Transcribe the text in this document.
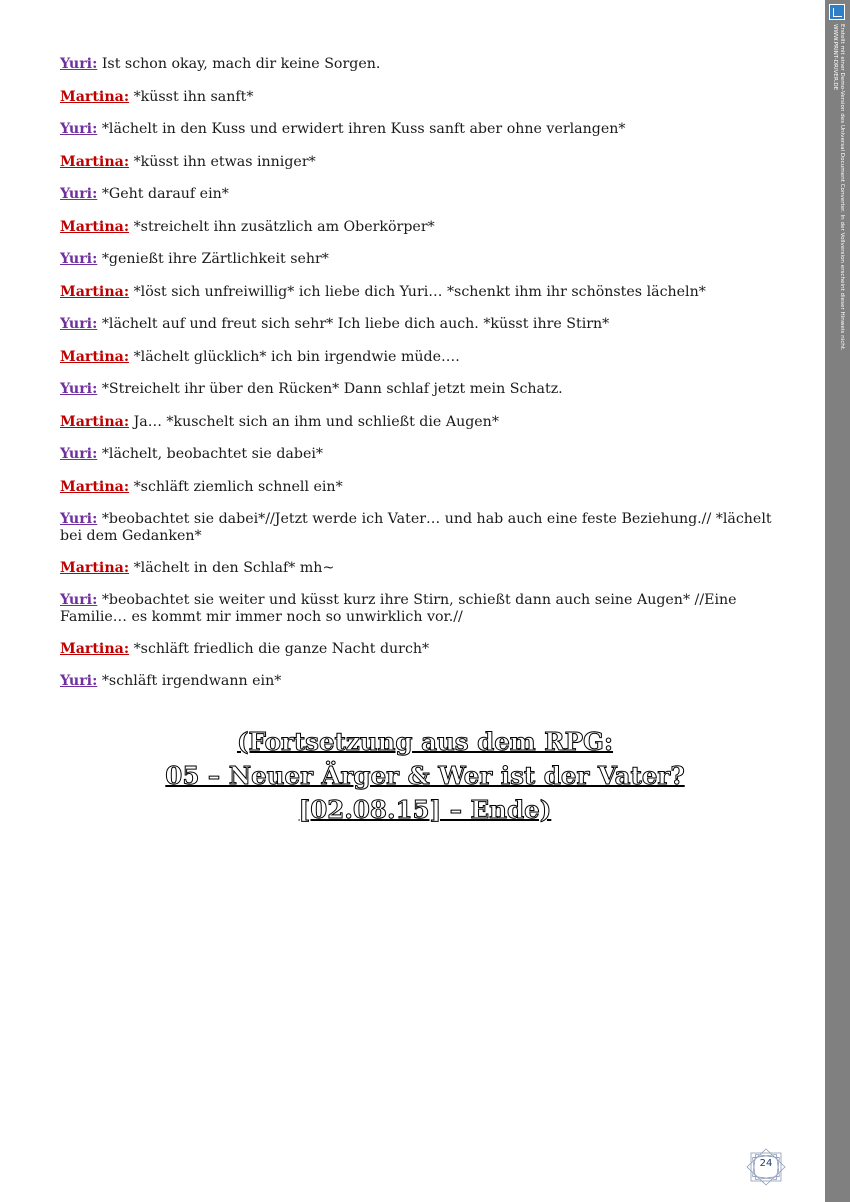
Yuri: Ist schon okay, mach dir keine Sorgen.

Martina: *küsst ihn sanft*

Yuri: *lächelt in den Kuss und erwidert ihren Kuss sanft aber ohne verlangen*

Martina: *küsst ihn etwas inniger*

Yuri: *Geht darauf ein*

Martina: *streichelt ihn zusätzlich am Oberkörper*

Yuri: *genießt ihre Zärtlichkeit sehr*

Martina: *löst sich unfreiwillig* ich liebe dich Yuri… *schenkt ihm ihr schönstes lächeln*

Yuri: *lächelt auf und freut sich sehr* Ich liebe dich auch. *küsst ihre Stirn*

Martina: *lächelt glücklich* ich bin irgendwie müde….

Yuri: *Streichelt ihr über den Rücken* Dann schlaf jetzt mein Schatz.

Martina: Ja… *kuschelt sich an ihm und schließt die Augen*

Yuri: *lächelt, beobachtet sie dabei*

Martina: *schläft ziemlich schnell ein*

Yuri: *beobachtet sie dabei*//Jetzt werde ich Vater… und hab auch eine feste Beziehung.// *lächelt bei dem Gedanken*

Martina: *lächelt in den Schlaf* mh~

Yuri: *beobachtet sie weiter und küsst kurz ihre Stirn, schießt dann auch seine Augen* //Eine Familie… es kommt mir immer noch so unwirklich vor.//

Martina: *schläft friedlich die ganze Nacht durch*

Yuri: *schläft irgendwann ein*

(Fortsetzung aus dem RPG:
05 – Neuer Ärger & Wer ist der Vater?
[02.08.15] – Ende)
24
Erstellt mit einer Demo-Version des Universal Document Converter. In der Vollversion erscheint dieser Hinweis nicht.
WWW.PRINT-DRIVER.DE
